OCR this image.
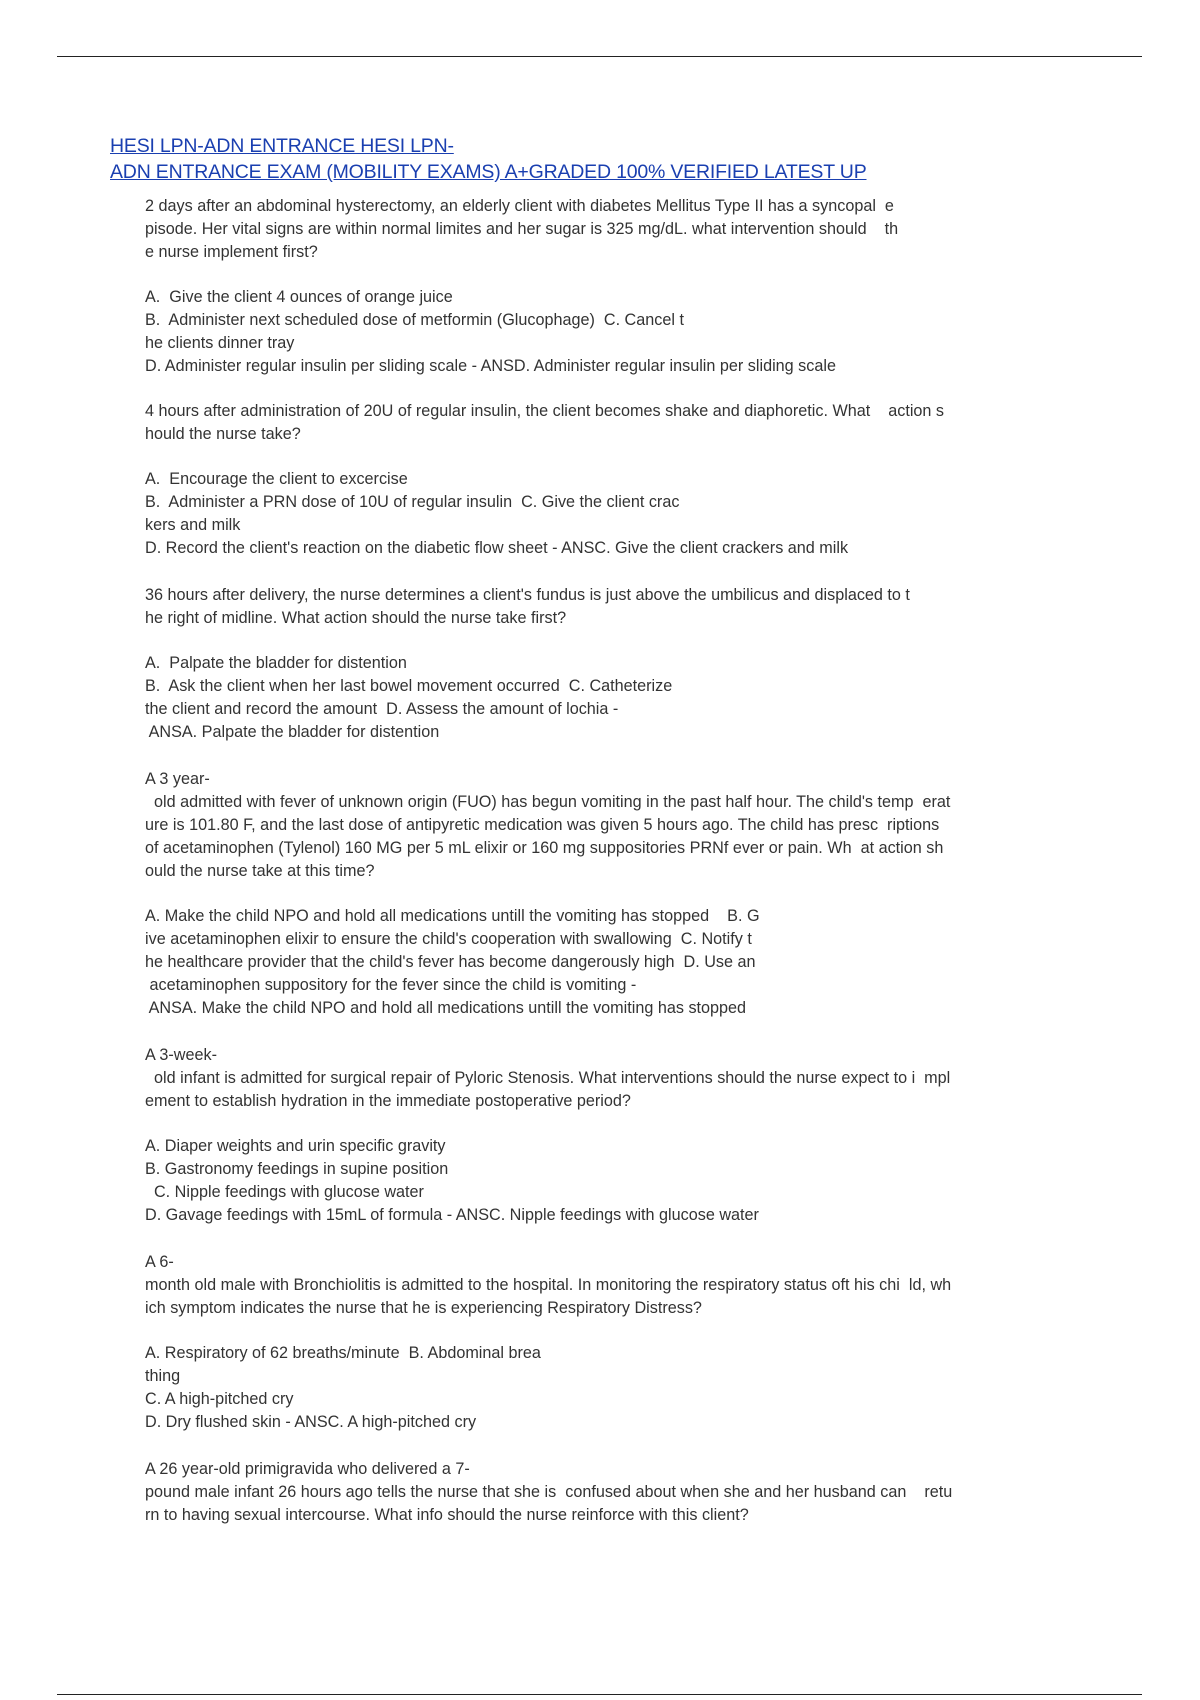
HESI LPN-ADN ENTRANCE HESI LPN-
ADN ENTRANCE EXAM (MOBILITY EXAMS) A+GRADED 100% VERIFIED LATEST UP
2 days after an abdominal hysterectomy, an elderly client with diabetes Mellitus Type II has a syncopal  e
pisode. Her vital signs are within normal limites and her sugar is 325 mg/dL. what intervention should    th
e nurse implement first?
A.  Give the client 4 ounces of orange juice
B.  Administer next scheduled dose of metformin (Glucophage)  C. Cancel t
he clients dinner tray
D. Administer regular insulin per sliding scale - ANSD. Administer regular insulin per sliding scale
4 hours after administration of 20U of regular insulin, the client becomes shake and diaphoretic. What    action s
hould the nurse take?
A.  Encourage the client to excercise
B.  Administer a PRN dose of 10U of regular insulin  C. Give the client crac
kers and milk
D. Record the client's reaction on the diabetic flow sheet - ANSC. Give the client crackers and milk
36 hours after delivery, the nurse determines a client's fundus is just above the umbilicus and displaced to t
he right of midline. What action should the nurse take first?
A.  Palpate the bladder for distention
B.  Ask the client when her last bowel movement occurred  C. Catheterize
the client and record the amount  D. Assess the amount of lochia -
ANSA. Palpate the bladder for distention
A 3 year-
old admitted with fever of unknown origin (FUO) has begun vomiting in the past half hour. The child's temp  erat
ure is 101.80 F, and the last dose of antipyretic medication was given 5 hours ago. The child has presc  riptions
of acetaminophen (Tylenol) 160 MG per 5 mL elixir or 160 mg suppositories PRNf ever or pain. Wh  at action sh
ould the nurse take at this time?
A. Make the child NPO and hold all medications untill the vomiting has stopped    B. G
ive acetaminophen elixir to ensure the child's cooperation with swallowing  C. Notify t
he healthcare provider that the child's fever has become dangerously high  D. Use an
acetaminophen suppository for the fever since the child is vomiting -
ANSA. Make the child NPO and hold all medications untill the vomiting has stopped
A 3-week-
old infant is admitted for surgical repair of Pyloric Stenosis. What interventions should the nurse expect to i  mpl
ement to establish hydration in the immediate postoperative period?
A. Diaper weights and urin specific gravity
B. Gastronomy feedings in supine position
C. Nipple feedings with glucose water
D. Gavage feedings with 15mL of formula - ANSC. Nipple feedings with glucose water
A 6-
month old male with Bronchiolitis is admitted to the hospital. In monitoring the respiratory status oft his chi  ld, wh
ich symptom indicates the nurse that he is experiencing Respiratory Distress?
A. Respiratory of 62 breaths/minute  B. Abdominal brea
thing
C. A high-pitched cry
D. Dry flushed skin - ANSC. A high-pitched cry
A 26 year-old primigravida who delivered a 7-
pound male infant 26 hours ago tells the nurse that she is  confused about when she and her husband can    retu
rn to having sexual intercourse. What info should the nurse reinforce with this client?
